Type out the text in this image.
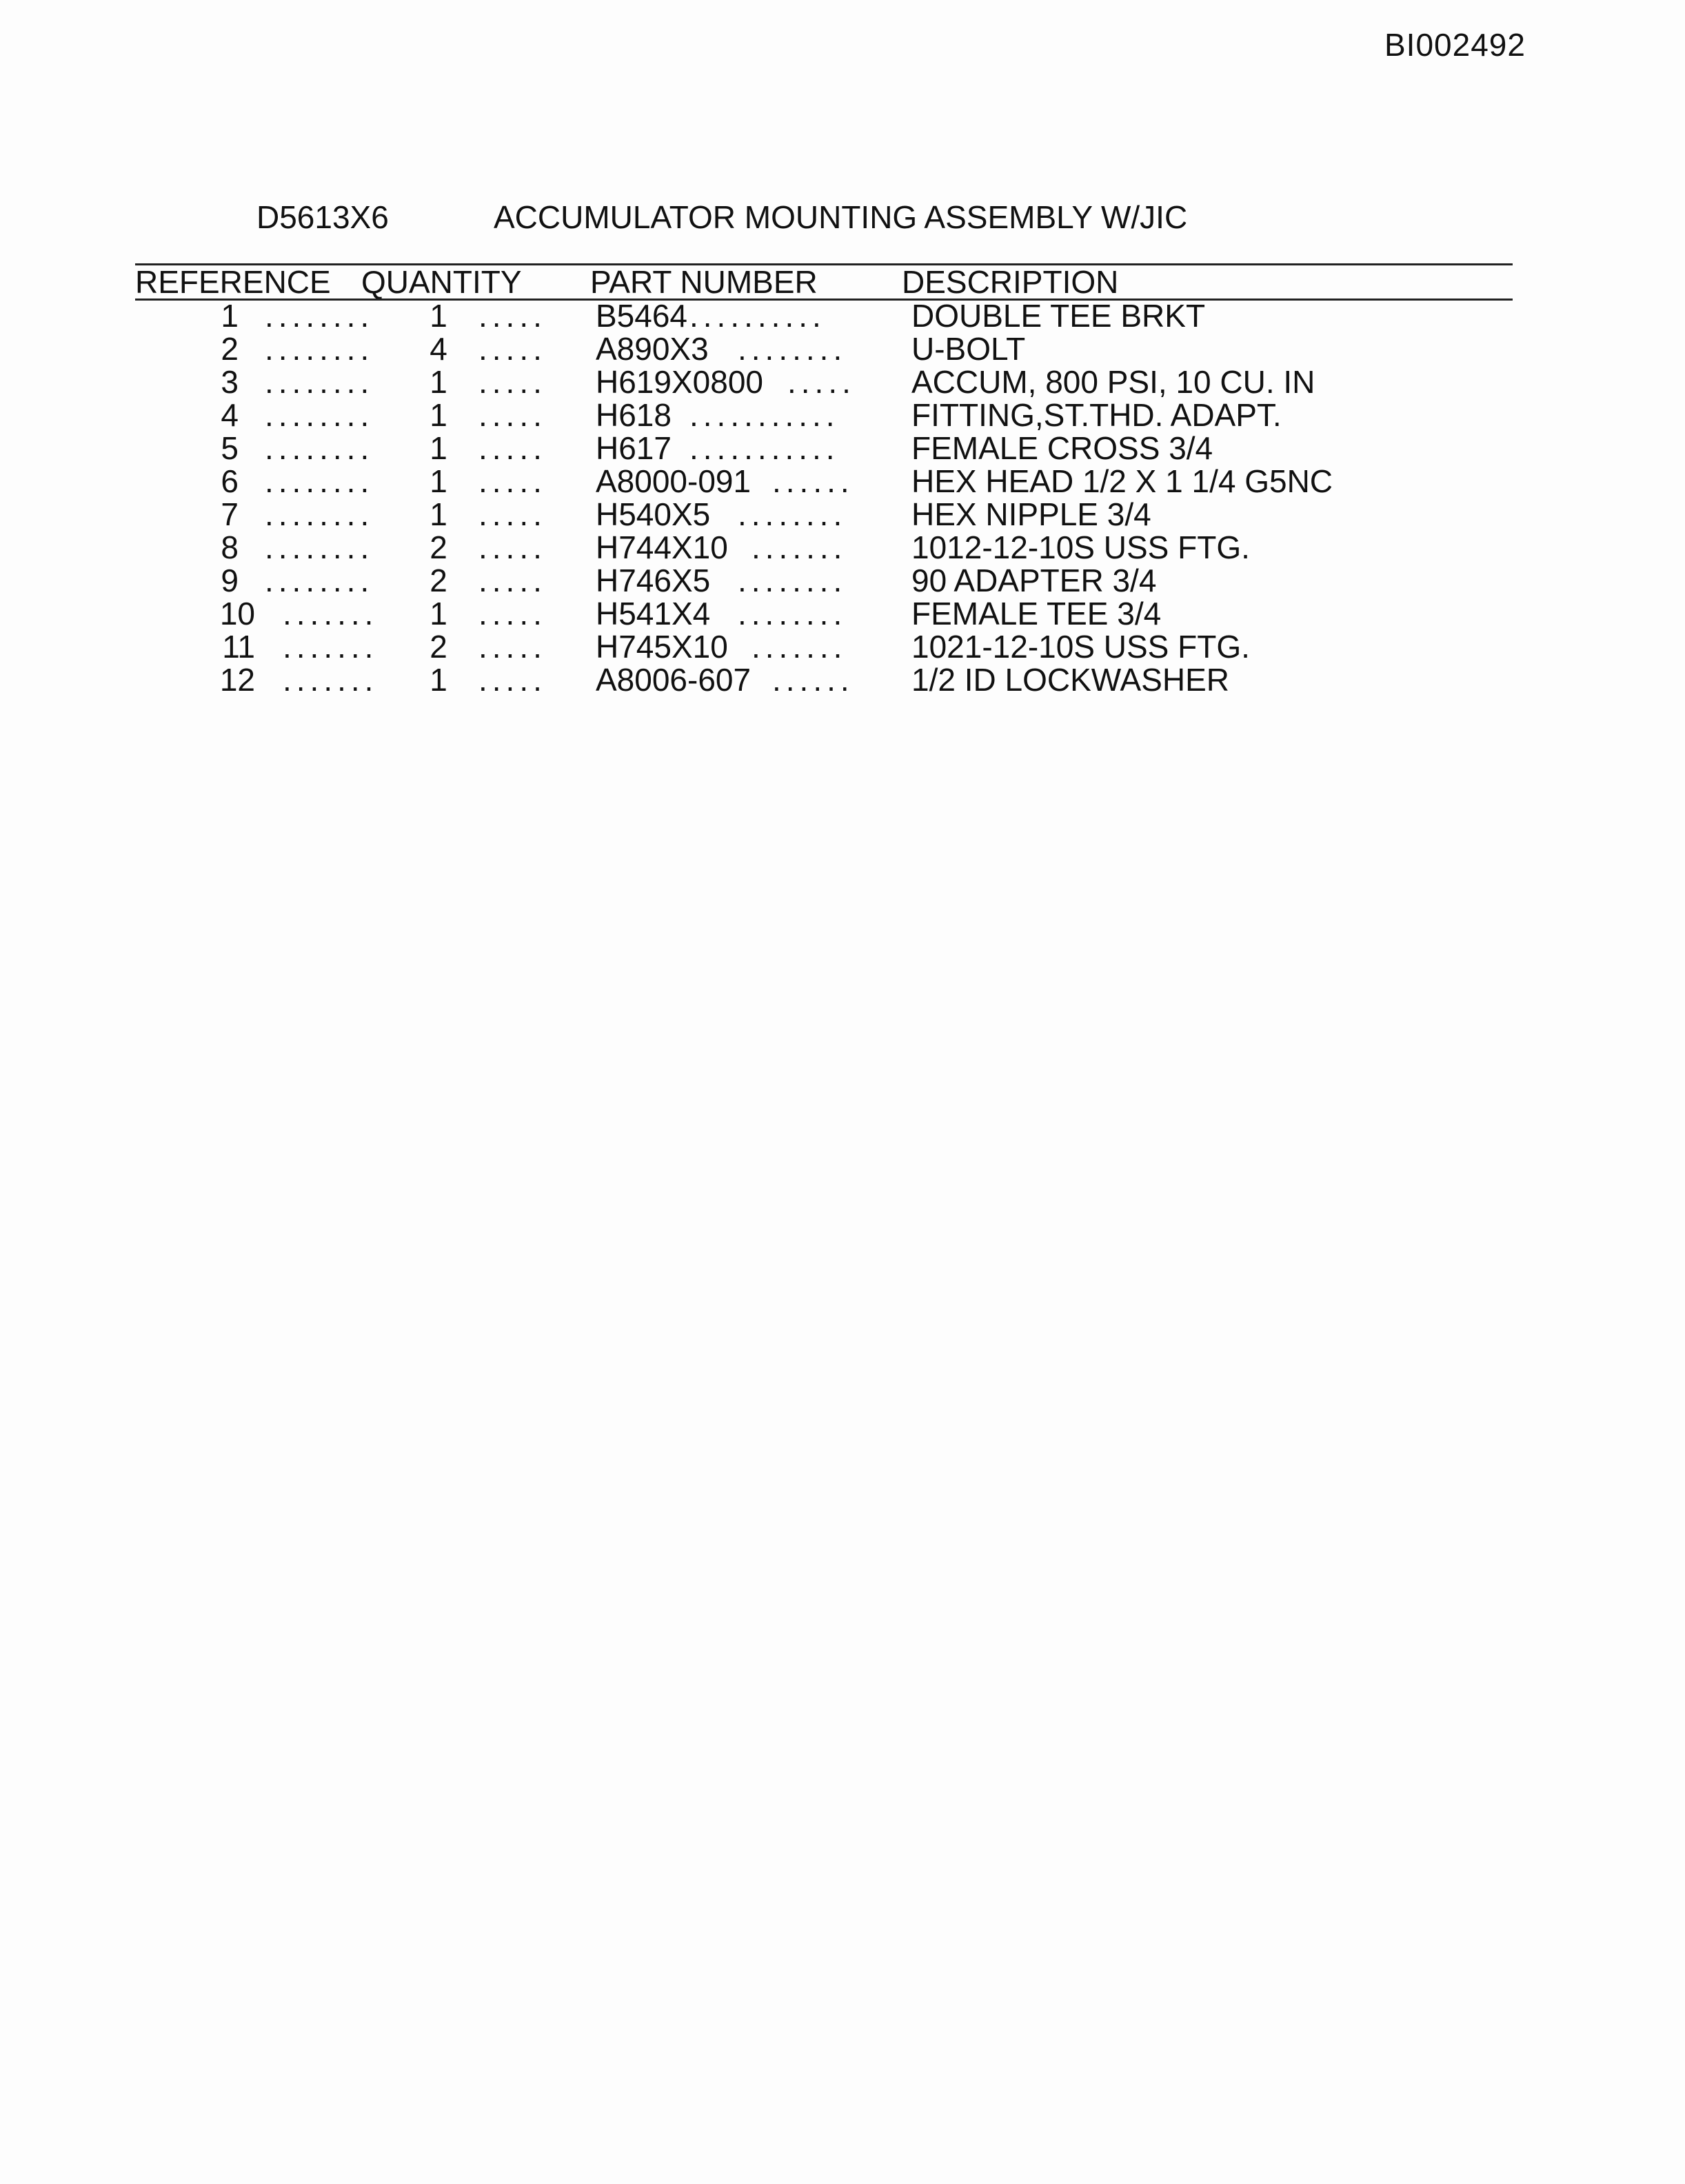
BI002492
D5613X6	ACCUMULATOR MOUNTING ASSEMBLY W/JIC
REFERENCE QUANTITY PART NUMBER	DESCRIPTION
1 ........	1 ..... B5464 ..........	DOUBLE TEE BRKT
2 ........	4 ..... A890X3 ........ U-BOLT
3 ........	1 ..... H619X0800 ..... ACCUM, 800 PSI, 10 CU. IN
4 ........	1 ..... H618 ........... FITTING,ST.THD. ADAPT.
5 ........	1 ..... H617 ........... FEMALE CROSS 3/4
6 ........	1 ..... A8000-091 ...... HEX HEAD 1/2 X 1 1/4 G5NC
7 ........	1 ..... H540X5 ........ HEX NIPPLE 3/4
8 ........	2 ..... H744X10 ....... 1012-12-10S USS FTG.
9 ........	2 ..... H746X5 ........ 90 ADAPTER 3/4
10 .......	1 ..... H541X4 ........ FEMALE TEE 3/4
11 .......	2 ..... H745X10 ....... 1021-12-10S USS FTG.
12 .......	1 ..... A8006-607 ...... 1/2 ID LOCKWASHER
